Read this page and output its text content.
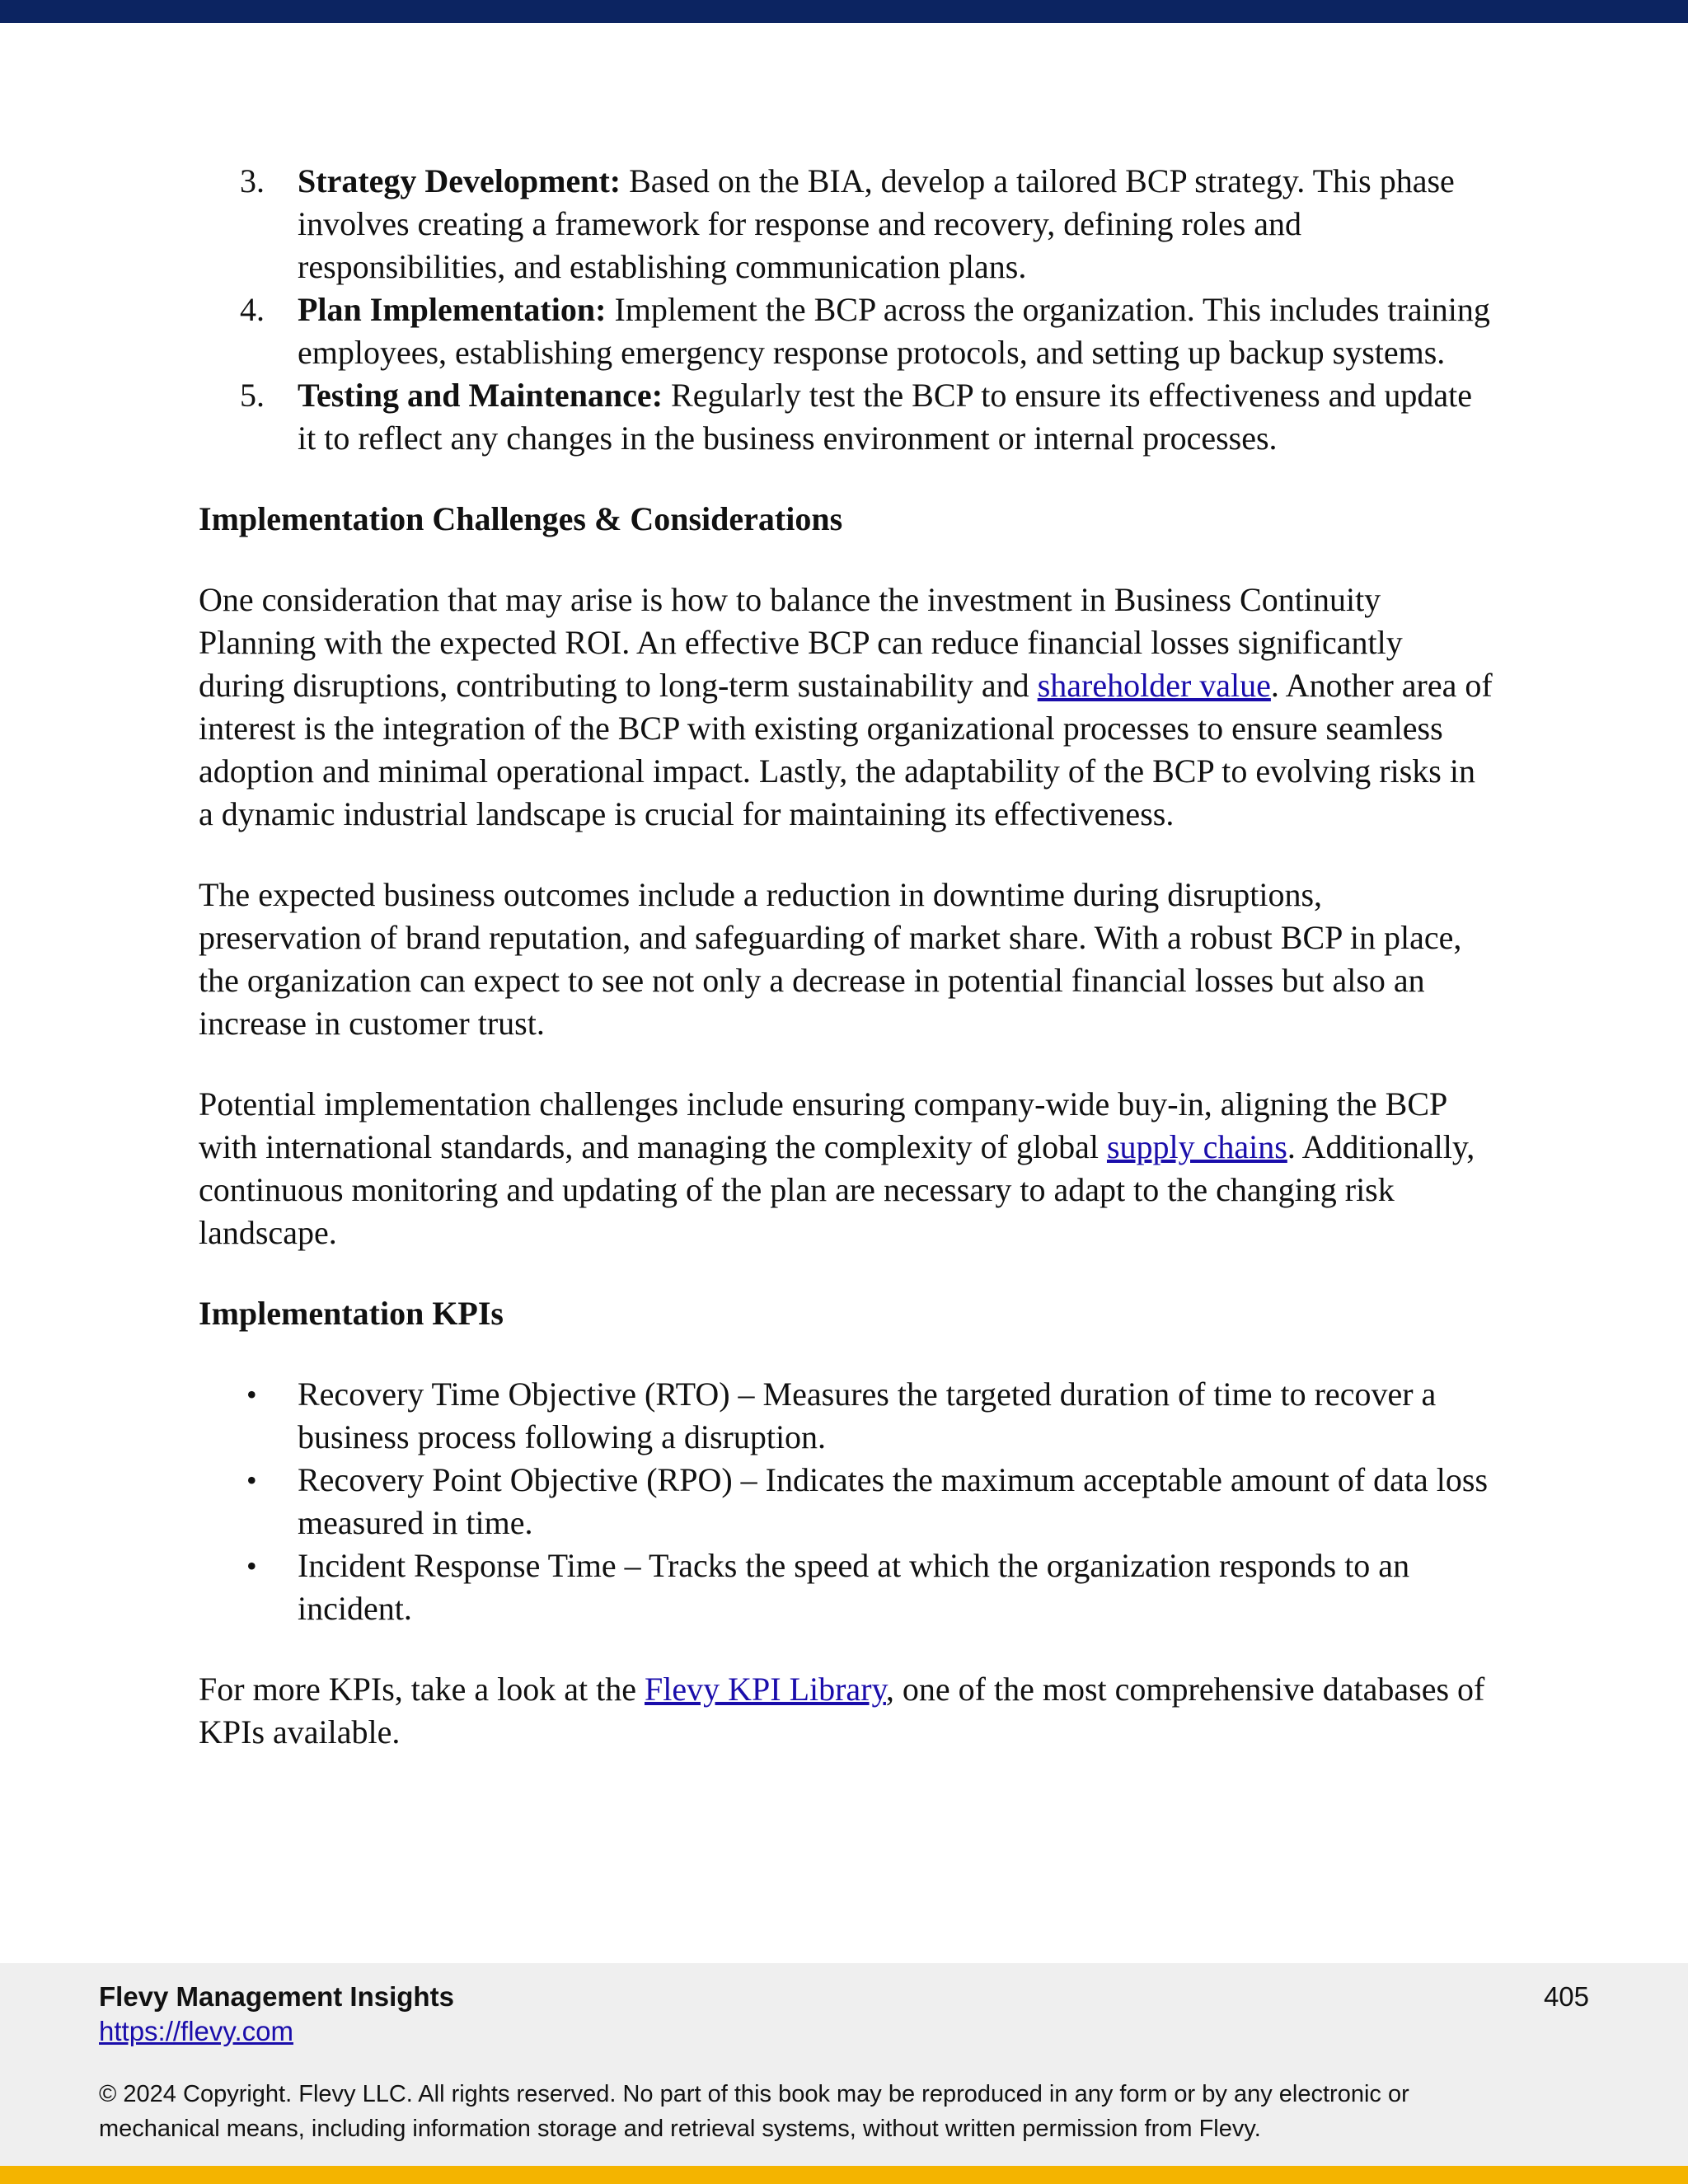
3.	Strategy Development: Based on the BIA, develop a tailored BCP strategy. This phase involves creating a framework for response and recovery, defining roles and responsibilities, and establishing communication plans.
4.	Plan Implementation: Implement the BCP across the organization. This includes training employees, establishing emergency response protocols, and setting up backup systems.
5.	Testing and Maintenance: Regularly test the BCP to ensure its effectiveness and update it to reflect any changes in the business environment or internal processes.
Implementation Challenges & Considerations

One consideration that may arise is how to balance the investment in Business Continuity Planning with the expected ROI. An effective BCP can reduce financial losses significantly during disruptions, contributing to long-term sustainability and shareholder value. Another area of interest is the integration of the BCP with existing organizational processes to ensure seamless adoption and minimal operational impact. Lastly, the adaptability of the BCP to evolving risks in a dynamic industrial landscape is crucial for maintaining its effectiveness.

The expected business outcomes include a reduction in downtime during disruptions, preservation of brand reputation, and safeguarding of market share. With a robust BCP in place, the organization can expect to see not only a decrease in potential financial losses but also an increase in customer trust.

Potential implementation challenges include ensuring company-wide buy-in, aligning the BCP with international standards, and managing the complexity of global supply chains. Additionally, continuous monitoring and updating of the plan are necessary to adapt to the changing risk landscape.

Implementation KPIs
•	Recovery Time Objective (RTO) – Measures the targeted duration of time to recover a business process following a disruption.
•	Recovery Point Objective (RPO) – Indicates the maximum acceptable amount of data loss measured in time.
•	Incident Response Time – Tracks the speed at which the organization responds to an incident.

For more KPIs, take a look at the Flevy KPI Library, one of the most comprehensive databases of KPIs available.

Flevy Management Insights
https://flevy.com
405
© 2024 Copyright. Flevy LLC. All rights reserved. No part of this book may be reproduced in any form or by any electronic or mechanical means, including information storage and retrieval systems, without written permission from Flevy.
